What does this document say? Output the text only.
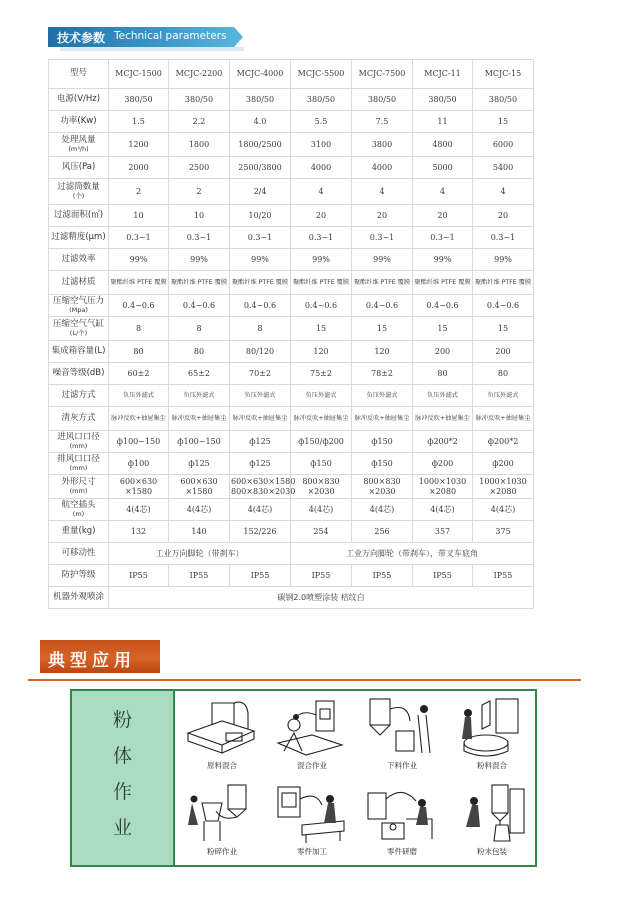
技术参数 Technical parameters
型号	MCJC-1500	MCJC-2200	MCJC-4000	MCJC-5500	MCJC-7500	MCJC-11	MCJC-15
电源(V/Hz)	380/50	380/50	380/50	380/50	380/50	380/50	380/50
功率(Kw)	1.5	2.2	4.0	5.5	7.5	11	15
处理风量
(m³/h)	1200	1800	1800/2500	3100	3800	4800	6000
风压(Pa)	2000	2500	2500/3800	4000	4000	5000	5400
过滤筒数量
(个)	2	2	2/4	4	4	4	4
过滤面积(㎡)	10	10	10/20	20	20	20	20
过滤精度(μm)	0.3~1	0.3~1	0.3~1	0.3~1	0.3~1	0.3~1	0.3~1
过滤效率	99%	99%	99%	99%	99%	99%	99%
过滤材质	聚酯纤维 PTFE 覆膜	聚酯纤维 PTFE 覆膜	聚酯纤维 PTFE 覆膜	聚酯纤维 PTFE 覆膜	聚酯纤维 PTFE 覆膜	聚酯纤维 PTFE 覆膜	聚酯纤维 PTFE 覆膜
压缩空气压力
(Mpa)	0.4~0.6	0.4~0.6	0.4~0.6	0.4~0.6	0.4~0.6	0.4~0.6	0.4~0.6
压缩空气气缸
(L/个)	8	8	8	15	15	15	15
集成箱容量(L)	80	80	80/120	120	120	200	200
噪音等级(dB)	60±2	65±2	70±2	75±2	78±2	80	80
过滤方式	负压外滤式	负压外滤式	负压外滤式	负压外滤式	负压外滤式	负压外滤式	负压外滤式
清灰方式	脉冲反吹+抽屉集尘	脉冲反吹+抽屉集尘	脉冲反吹+抽屉集尘	脉冲反吹+抽屉集尘	脉冲反吹+抽屉集尘	脉冲反吹+抽屉集尘	脉冲反吹+抽屉集尘
进风口口径
(mm)	ф100~150	ф100~150	ф125	ф150/ф200	ф150	ф200*2	ф200*2
排风口口径
(mm)	ф100	ф125	ф125	ф150	ф150	ф200	ф200
外形尺寸
(mm)	600×630 ×1580	600×630 ×1580	600×630×1580 800×830×2030	800×830 ×2030	800×830 ×2030	1000×1030 ×2080	1000×1030 ×2080
航空插头
(m)	4(4芯)	4(4芯)	4(4芯)	4(4芯)	4(4芯)	4(4芯)	4(4芯)
重量(kg)	132	140	152/226	254	256	357	375
可移动性	工业万向脚轮（带刹车）			工业万向脚轮（带刹车），带叉车底角			
防护等级	IP55	IP55	IP55	IP55	IP55	IP55	IP55
机器外观喷涂	碳钢2.0喷塑涂装 桔纹白						
典型应用
粉
体
作
业
原料混合	混合作业	下料作业	粉料混合
粉碎作业	零件加工	零件研磨	粉末包装
